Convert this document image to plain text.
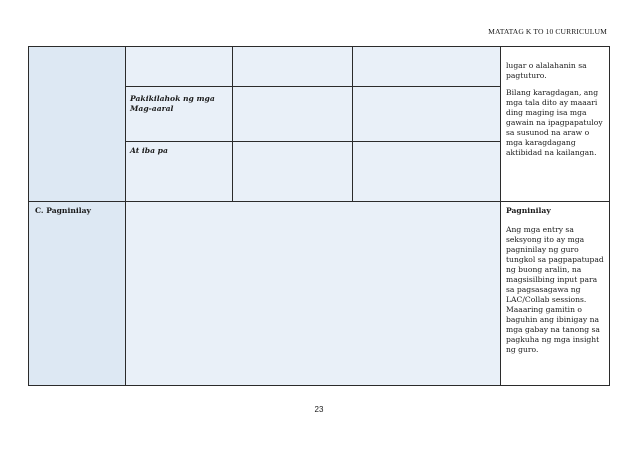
MATATAG K TO 10 CURRICULUM
Pakikilahok ng mga Mag-aaral
At iba pa

lugar o alalahanin sa pagtuturo.

Bilang karagdagan, ang mga tala dito ay maaari ding maging isa mga gawain na ipagpapatuloy sa susunod na araw o mga karagdagang aktibidad na kailangan.

C. Pagninilay	Pagninilay

Ang mga entry sa seksyong ito ay mga pagninilay ng guro tungkol sa pagpapatupad ng buong aralin, na magsisilbing input para sa pagsasagawa ng LAC/Collab sessions. Maaaring gamitin o baguhin ang ibinigay na mga gabay na tanong sa pagkuha ng mga insight ng guro.

23
